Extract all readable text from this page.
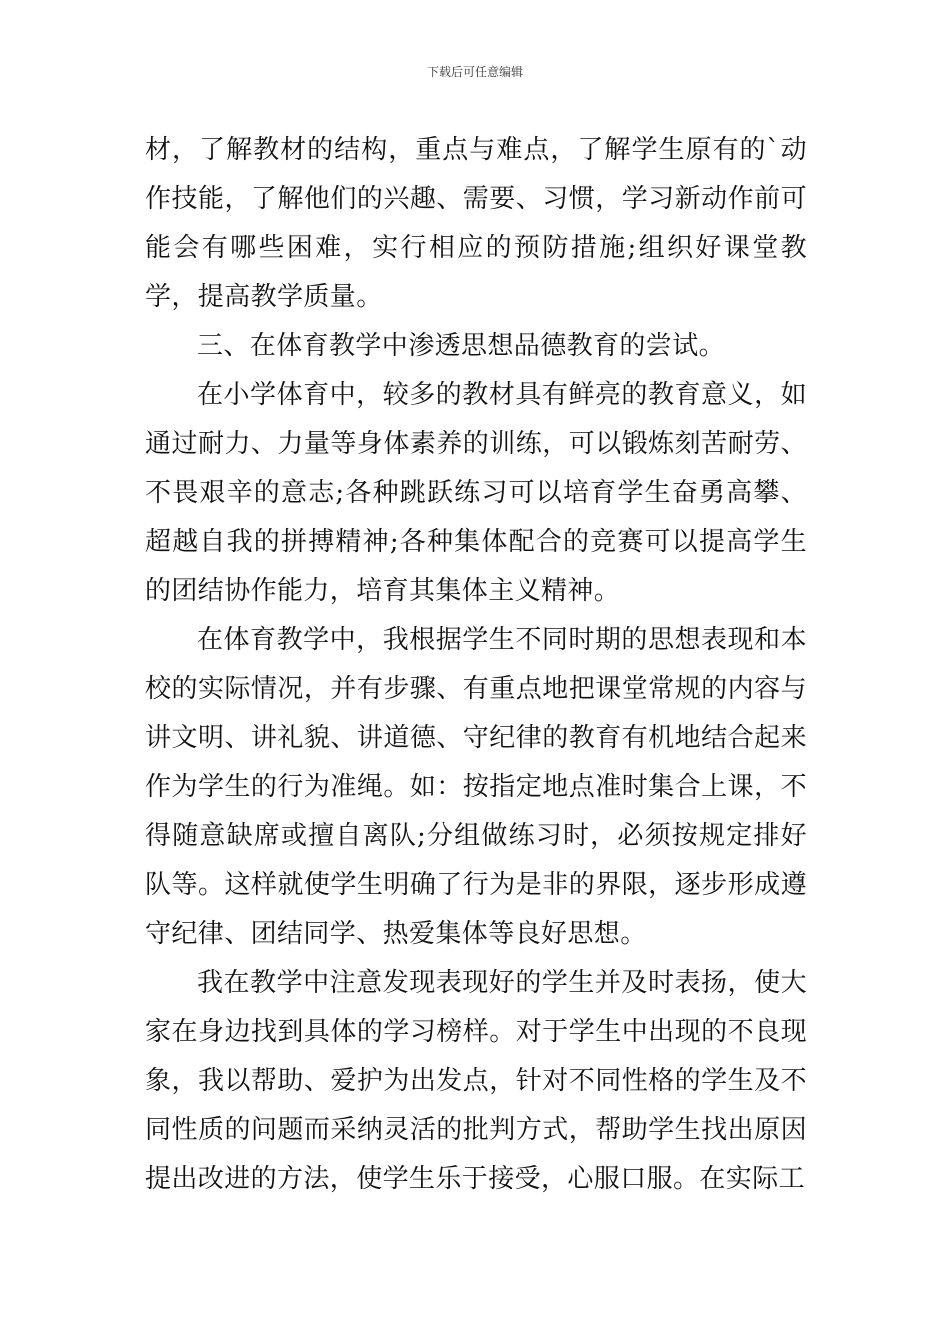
下载后可任意编辑

材，了解教材的结构，重点与难点，了解学生原有的`动作技能，了解他们的兴趣、需要、习惯，学习新动作前可能会有哪些困难，实行相应的预防措施;组织好课堂教学，提高教学质量。

三、在体育教学中渗透思想品德教育的尝试。

在小学体育中，较多的教材具有鲜亮的教育意义，如通过耐力、力量等身体素养的训练，可以锻炼刻苦耐劳、不畏艰辛的意志;各种跳跃练习可以培育学生奋勇高攀、超越自我的拼搏精神;各种集体配合的竞赛可以提高学生的团结协作能力，培育其集体主义精神。

在体育教学中，我根据学生不同时期的思想表现和本校的实际情况，并有步骤、有重点地把课堂常规的内容与讲文明、讲礼貌、讲道德、守纪律的教育有机地结合起来作为学生的行为准绳。如：按指定地点准时集合上课，不得随意缺席或擅自离队;分组做练习时，必须按规定排好队等。这样就使学生明确了行为是非的界限，逐步形成遵守纪律、团结同学、热爱集体等良好思想。

我在教学中注意发现表现好的学生并及时表扬，使大家在身边找到具体的学习榜样。对于学生中出现的不良现象，我以帮助、爱护为出发点，针对不同性格的学生及不同性质的问题而采纳灵活的批判方式，帮助学生找出原因提出改进的方法，使学生乐于接受，心服口服。在实际工
